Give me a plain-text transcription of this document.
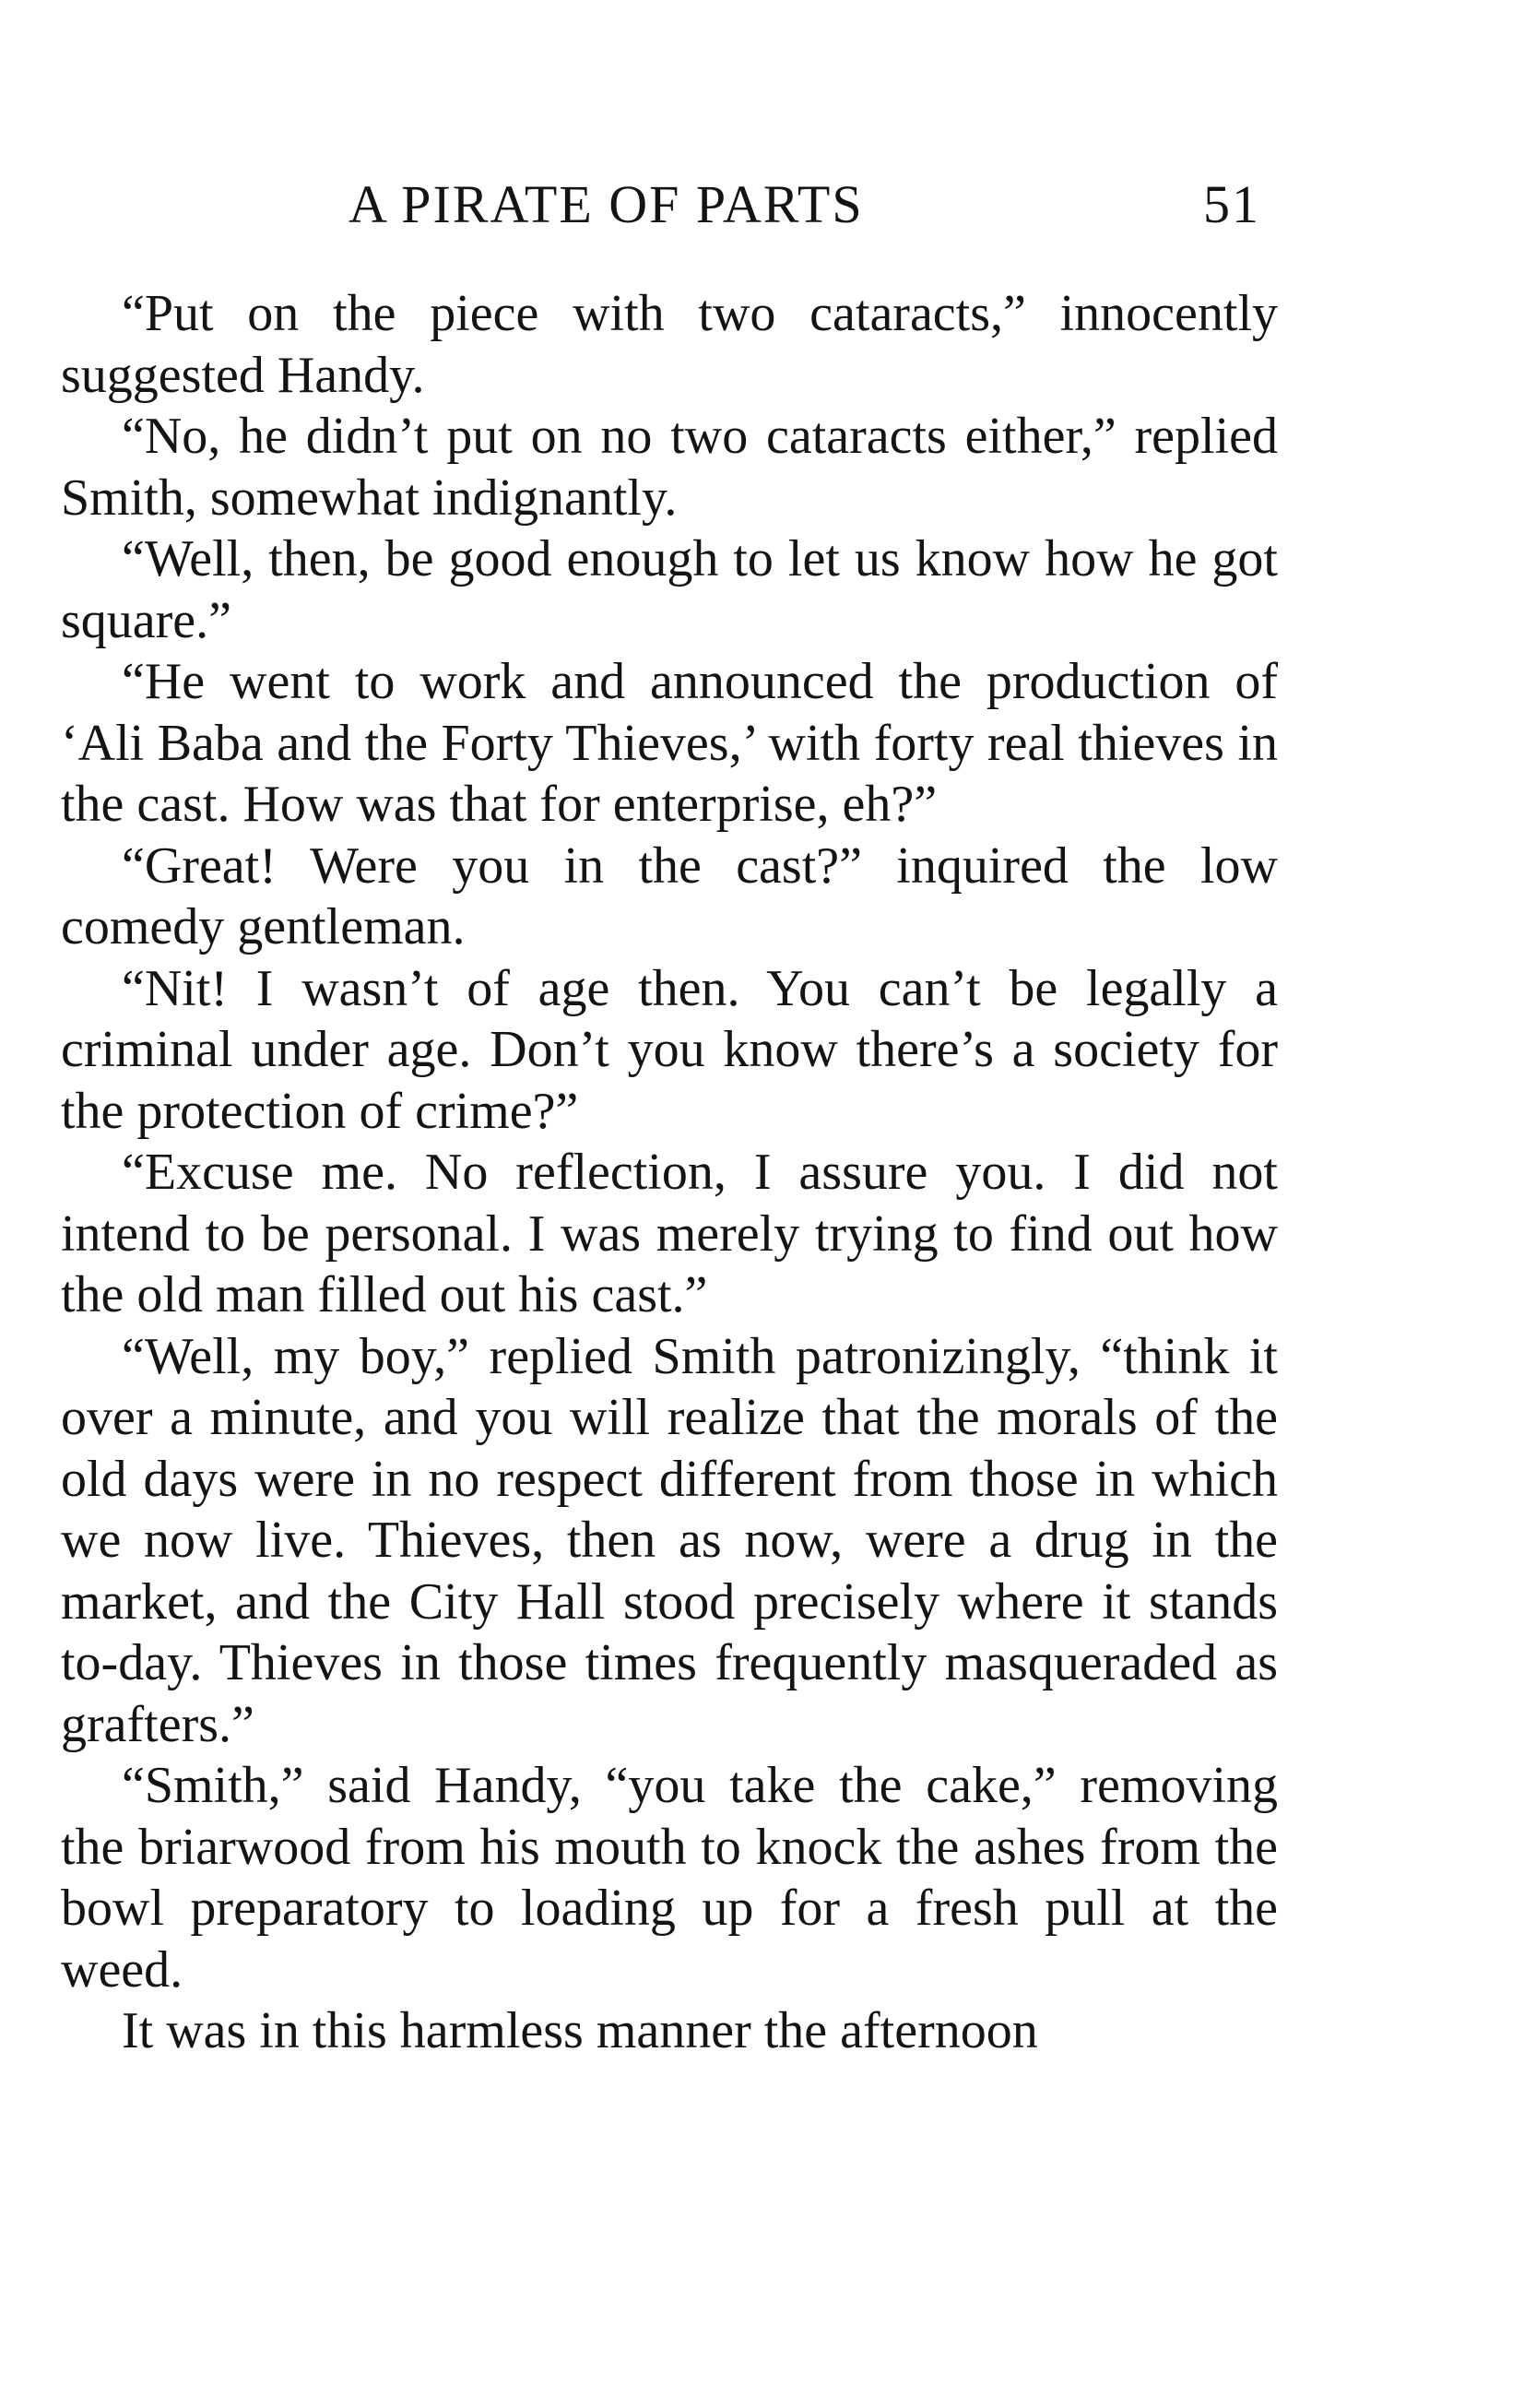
A PIRATE OF PARTS	51

“Put on the piece with two cataracts,” innocently suggested Handy.

“No, he didn’t put on no two cataracts either,” replied Smith, somewhat indignantly.

“Well, then, be good enough to let us know how he got square.”

“He went to work and announced the production of ‘Ali Baba and the Forty Thieves,’ with forty real thieves in the cast. How was that for enterprise, eh?”

“Great! Were you in the cast?” inquired the low comedy gentleman.

“Nit! I wasn’t of age then. You can’t be legally a criminal under age. Don’t you know there’s a society for the protection of crime?”

“Excuse me. No reflection, I assure you. I did not intend to be personal. I was merely trying to find out how the old man filled out his cast.”

“Well, my boy,” replied Smith patronizingly, “think it over a minute, and you will realize that the morals of the old days were in no respect different from those in which we now live. Thieves, then as now, were a drug in the market, and the City Hall stood precisely where it stands to-day. Thieves in those times frequently masqueraded as grafters.”

“Smith,” said Handy, “you take the cake,” removing the briarwood from his mouth to knock the ashes from the bowl preparatory to loading up for a fresh pull at the weed.

It was in this harmless manner the afternoon
